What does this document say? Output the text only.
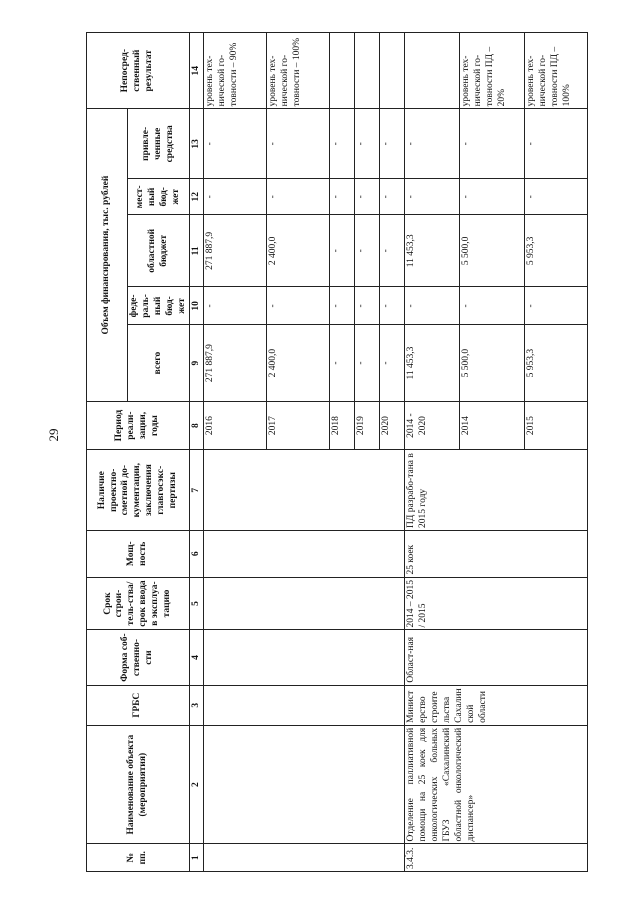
29
№ пп.	Наименование объекта (мероприятия)	ГРБС	Форма соб-ственно-сти	Срок строи-тель-ства/срок ввода в эксплуа-тацию	Мощ-ность	Наличие проектно-сметной до-кументации, заключения главгосэкс-пертизы	Период реали-зации, годы	Объем финансирования, тыс. рублей					Непосред-ственный результат
								всего	феде-раль-ный бюд-жет	областной бюджет	мест-ный бюд-жет	привле-ченные средства	
1	2	3	4	5	6	7	8	9	10	11	12	13	14
							2016	271 887,9	-	271 887,9	-	-	уровень тех-нической го-товности – 90%
							2017	2 400,0	-	2 400,0	-	-	уровень тех-нической го-товности – 100%
							2018	-	-	-	-	-	
							2019	-	-	-	-	-	
							2020	-	-	-	-	-	
3.4.3.	Отделение паллиативной помощи на 25 коек для онкологических больных ГБУЗ «Сахалинский областной онкологический диспансер»	Министерство строительства Сахалинской области	Област-ная	2014 – 2015 / 2015	25 коек	ПД разрабо-тана в 2015 году	2014 - 2020	11 453,3	-	11 453,3	-	-	
							2014	5 500,0	-	5 500,0	-	-	уровень тех-нической го-товности ПД –20%
							2015	5 953,3	-	5 953,3	-	-	уровень тех-нической го-товности ПД – 100%
